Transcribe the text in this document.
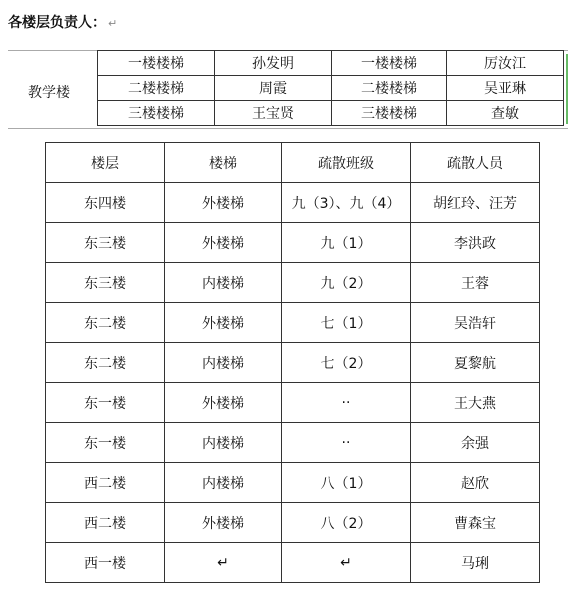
各楼层负责人： ↵
教学楼
一楼楼梯	孙发明	一楼楼梯	厉汝江
二楼楼梯	周霞	二楼楼梯	吴亚琳
三楼楼梯	王宝贤	三楼楼梯	查敏
楼层	楼梯	疏散班级	疏散人员
东四楼	外楼梯	九（3）、九（4）	胡红玲、汪芳
东三楼	外楼梯	九（1）	李洪政
东三楼	内楼梯	九（2）	王蓉
东二楼	外楼梯	七（1）	吴浩轩
东二楼	内楼梯	七（2）	夏黎航
东一楼	外楼梯	··	王大燕
东一楼	内楼梯	··	余强
西二楼	内楼梯	八（1）	赵欣
西二楼	外楼梯	八（2）	曹森宝
西一楼	↵	↵	马琍
